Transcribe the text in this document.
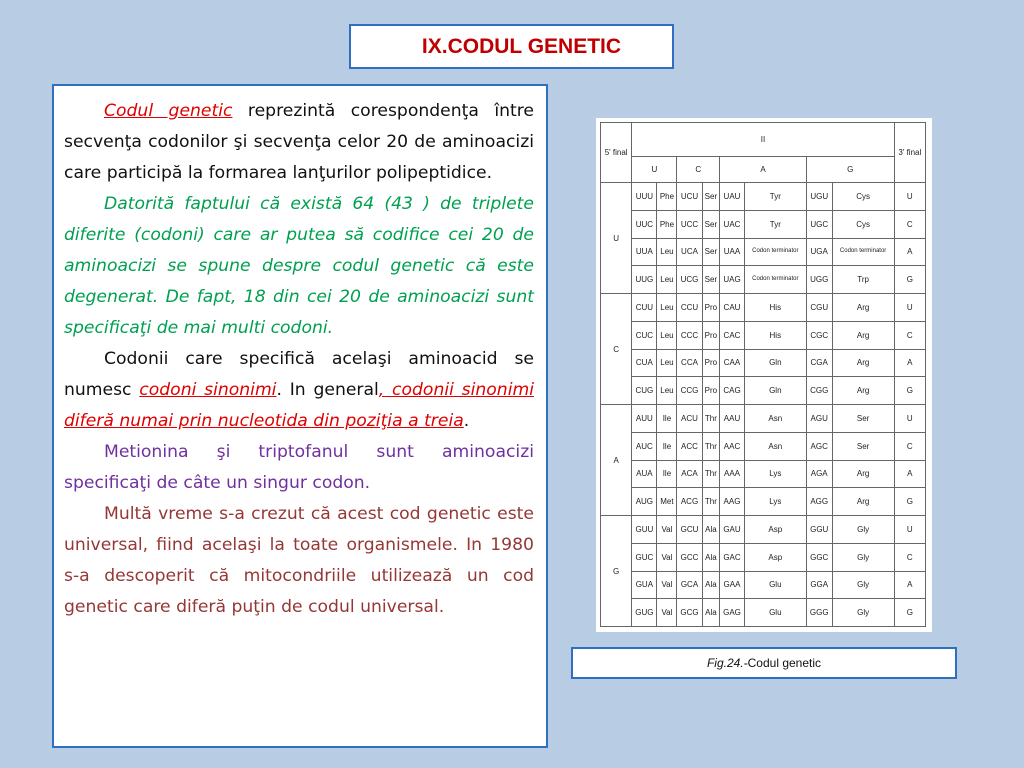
IX.CODUL GENETIC

Codul genetic reprezintă corespondenţa între secvenţa codonilor şi secvenţa celor 20 de aminoacizi care participă la formarea lanţurilor polipeptidice.

Datorită faptului că există 64 (43 ) de triplete diferite (codoni) care ar putea să codifice cei 20 de aminoacizi se spune despre codul genetic că este degenerat. De fapt, 18 din cei 20 de aminoacizi sunt specificaţi de mai multi codoni.

Codonii care specifică acelaşi aminoacid se numesc codoni sinonimi. In general, codonii sinonimi diferă numai prin nucleotida din poziţia a treia.

Metionina şi triptofanul sunt aminoacizi specificaţi de câte un singur codon.

Multă vreme s-a crezut că acest cod genetic este universal, fiind acelaşi la toate organismele. In 1980 s-a descoperit că mitocondriile utilizează un cod genetic care diferă puţin de codul universal.

5' final	II								3' final
	U		C		A		G		
U	UUU	Phe	UCU	Ser	UAU	Tyr	UGU	Cys	U
	UUC	Phe	UCC	Ser	UAC	Tyr	UGC	Cys	C
	UUA	Leu	UCA	Ser	UAA	Codon terminator	UGA	Codon terminator	A
	UUG	Leu	UCG	Ser	UAG	Codon terminator	UGG	Trp	G
C	CUU	Leu	CCU	Pro	CAU	His	CGU	Arg	U
	CUC	Leu	CCC	Pro	CAC	His	CGC	Arg	C
	CUA	Leu	CCA	Pro	CAA	Gln	CGA	Arg	A
	CUG	Leu	CCG	Pro	CAG	Gln	CGG	Arg	G
A	AUU	Ile	ACU	Thr	AAU	Asn	AGU	Ser	U
	AUC	Ile	ACC	Thr	AAC	Asn	AGC	Ser	C
	AUA	Ile	ACA	Thr	AAA	Lys	AGA	Arg	A
	AUG	Met	ACG	Thr	AAG	Lys	AGG	Arg	G
G	GUU	Val	GCU	Ala	GAU	Asp	GGU	Gly	U
	GUC	Val	GCC	Ala	GAC	Asp	GGC	Gly	C
	GUA	Val	GCA	Ala	GAA	Glu	GGA	Gly	A
	GUG	Val	GCG	Ala	GAG	Glu	GGG	Gly	G
Fig.24.- Codul genetic
